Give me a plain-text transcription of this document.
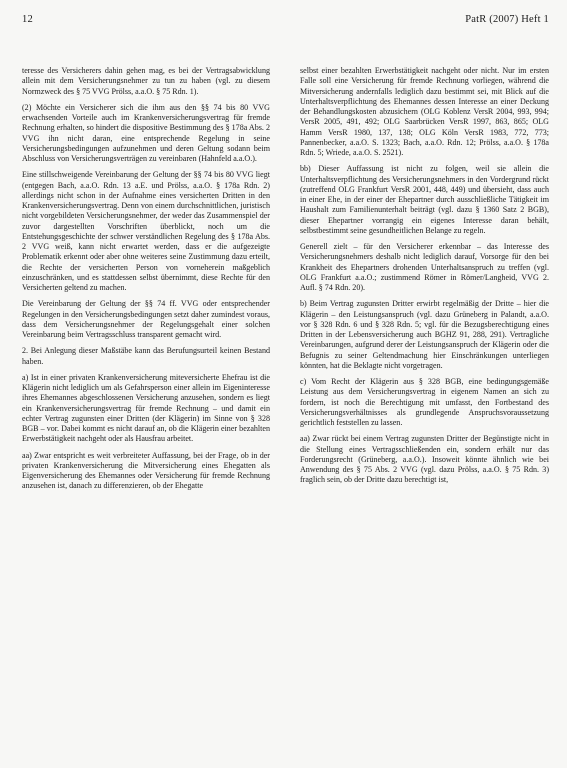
12	PatR (2007) Heft 1

teresse des Versicherers dahin gehen mag, es bei der Vertragsabwicklung allein mit dem Versicherungsnehmer zu tun zu haben (vgl. zu diesem Normzweck des § 75 VVG Prölss, a.a.O. § 75 Rdn. 1).

(2) Möchte ein Versicherer sich die ihm aus den §§ 74 bis 80 VVG erwachsenden Vorteile auch im Krankenversicherungsvertrag für fremde Rechnung erhalten, so hindert die dispositive Bestimmung des § 178a Abs. 2 VVG ihn nicht daran, eine entsprechende Regelung in seine Versicherungsbedingungen aufzunehmen und deren Geltung sodann beim Abschluss von Versicherungsverträgen zu vereinbaren (Hahnfeld a.a.O.).

Eine stillschweigende Vereinbarung der Geltung der §§ 74 bis 80 VVG liegt (entgegen Bach, a.a.O. Rdn. 13 a.E. und Prölss, a.a.O. § 178a Rdn. 2) allerdings nicht schon in der Aufnahme eines versicherten Dritten in den Krankenversicherungsvertrag. Denn von einem durchschnittlichen, juristisch nicht vorgebildeten Versicherungsnehmer, der weder das Zusammenspiel der zuvor dargestellten Vorschriften überblickt, noch um die Entstehungsgeschichte der schwer verständlichen Regelung des § 178a Abs. 2 VVG weiß, kann nicht erwartet werden, dass er die aufgezeigte Problematik erkennt oder aber ohne weiteres seine Zustimmung dazu erteilt, die Rechte der versicherten Person von vorneherein maßgeblich einzuschränken, und es stattdessen selbst übernimmt, diese Rechte für den Versicherten geltend zu machen.

Die Vereinbarung der Geltung der §§ 74 ff. VVG oder entsprechender Regelungen in den Versicherungsbedingungen setzt daher zumindest voraus, dass dem Versicherungsnehmer der Regelungsgehalt einer solchen Vereinbarung beim Vertragsschluss transparent gemacht wird.

2. Bei Anlegung dieser Maßstäbe kann das Berufungsurteil keinen Bestand haben.

a) Ist in einer privaten Krankenversicherung miteversicherte Ehefrau ist die Klägerin nicht lediglich um als Gefahrsperson einer allein im Eigeninteresse ihres Ehemannes abgeschlossenen Versicherung anzusehen, sondern es liegt ein Krankenversicherungsvertrag für fremde Rechnung – und damit ein echter Vertrag zugunsten einer Dritten (der Klägerin) im Sinne von § 328 BGB – vor. Dabei kommt es nicht darauf an, ob die Klägerin einer bezahlten Erwerbstätigkeit nachgeht oder als Hausfrau arbeitet.

aa) Zwar entspricht es weit verbreiteter Auffassung, bei der Frage, ob in der privaten Krankenversicherung die Mitversicherung eines Ehegatten als Eigenversicherung des Ehemannes oder Versicherung für fremde Rechnung anzusehen ist, danach zu differenzieren, ob der Ehegatte

selbst einer bezahlten Erwerbstätigkeit nachgeht oder nicht. Nur im ersten Falle soll eine Versicherung für fremde Rechnung vorliegen, während die Mitversicherung andernfalls lediglich dazu bestimmt sei, mit Blick auf die Unterhaltsverpflichtung des Ehemannes dessen Interesse an einer Deckung der Behandlungskosten abzusichern (OLG Koblenz VersR 2004, 993, 994; VersR 2005, 491, 492; OLG Saarbrücken VersR 1997, 863, 865; OLG Hamm VersR 1980, 137, 138; OLG Köln VersR 1983, 772, 773; Pannenbecker, a.a.O. S. 1323; Bach, a.a.O. Rdn. 12; Prölss, a.a.O. § 178a Rdn. 5; Wriede, a.a.O. S. 2521).

bb) Dieser Auffassung ist nicht zu folgen, weil sie allein die Unterhaltsverpflichtung des Versicherungsnehmers in den Vordergrund rückt (zutreffend OLG Frankfurt VersR 2001, 448, 449) und übersieht, dass auch in einer Ehe, in der einer der Ehepartner durch ausschließliche Tätigkeit im Haushalt zum Familienunterhalt beiträgt (vgl. dazu § 1360 Satz 2 BGB), dieser Ehepartner vorrangig ein eigenes Interesse daran behält, selbstbestimmt seine gesundheitlichen Belange zu regeln.

Generell zielt – für den Versicherer erkennbar – das Interesse des Versicherungsnehmers deshalb nicht lediglich darauf, Vorsorge für den bei Krankheit des Ehepartners drohenden Unterhaltsanspruch zu treffen (vgl. OLG Frankfurt a.a.O.; zustimmend Römer in Römer/Langheid, VVG 2. Aufl. § 74 Rdn. 20).

b) Beim Vertrag zugunsten Dritter erwirbt regelmäßig der Dritte – hier die Klägerin – den Leistungsanspruch (vgl. dazu Grüneberg in Palandt, a.a.O. vor § 328 Rdn. 6 und § 328 Rdn. 5; vgl. für die Bezugsberechtigung eines Dritten in der Lebensversicherung auch BGHZ 91, 288, 291). Vertragliche Vereinbarungen, aufgrund derer der Leistungsanspruch der Klägerin oder die Befugnis zu seiner Geltendmachung hier Einschränkungen unterliegen könnten, hat die Beklagte nicht vorgetragen.

c) Vom Recht der Klägerin aus § 328 BGB, eine bedingungsgemäße Leistung aus dem Versicherungsvertrag in eigenem Namen an sich zu fordern, ist noch die Berechtigung mit umfasst, den Fortbestand des Versicherungsverhältnisses als grundlegende Anspruchsvoraussetzung gerichtlich feststellen zu lassen.

aa) Zwar rückt bei einem Vertrag zugunsten Dritter der Begünstigte nicht in die Stellung eines Vertragsschließenden ein, sondern erhält nur das Forderungsrecht (Grüneberg, a.a.O.). Insoweit könnte ähnlich wie bei Anwendung des § 75 Abs. 2 VVG (vgl. dazu Prölss, a.a.O. § 75 Rdn. 3) fraglich sein, ob der Dritte dazu berechtigt ist,
